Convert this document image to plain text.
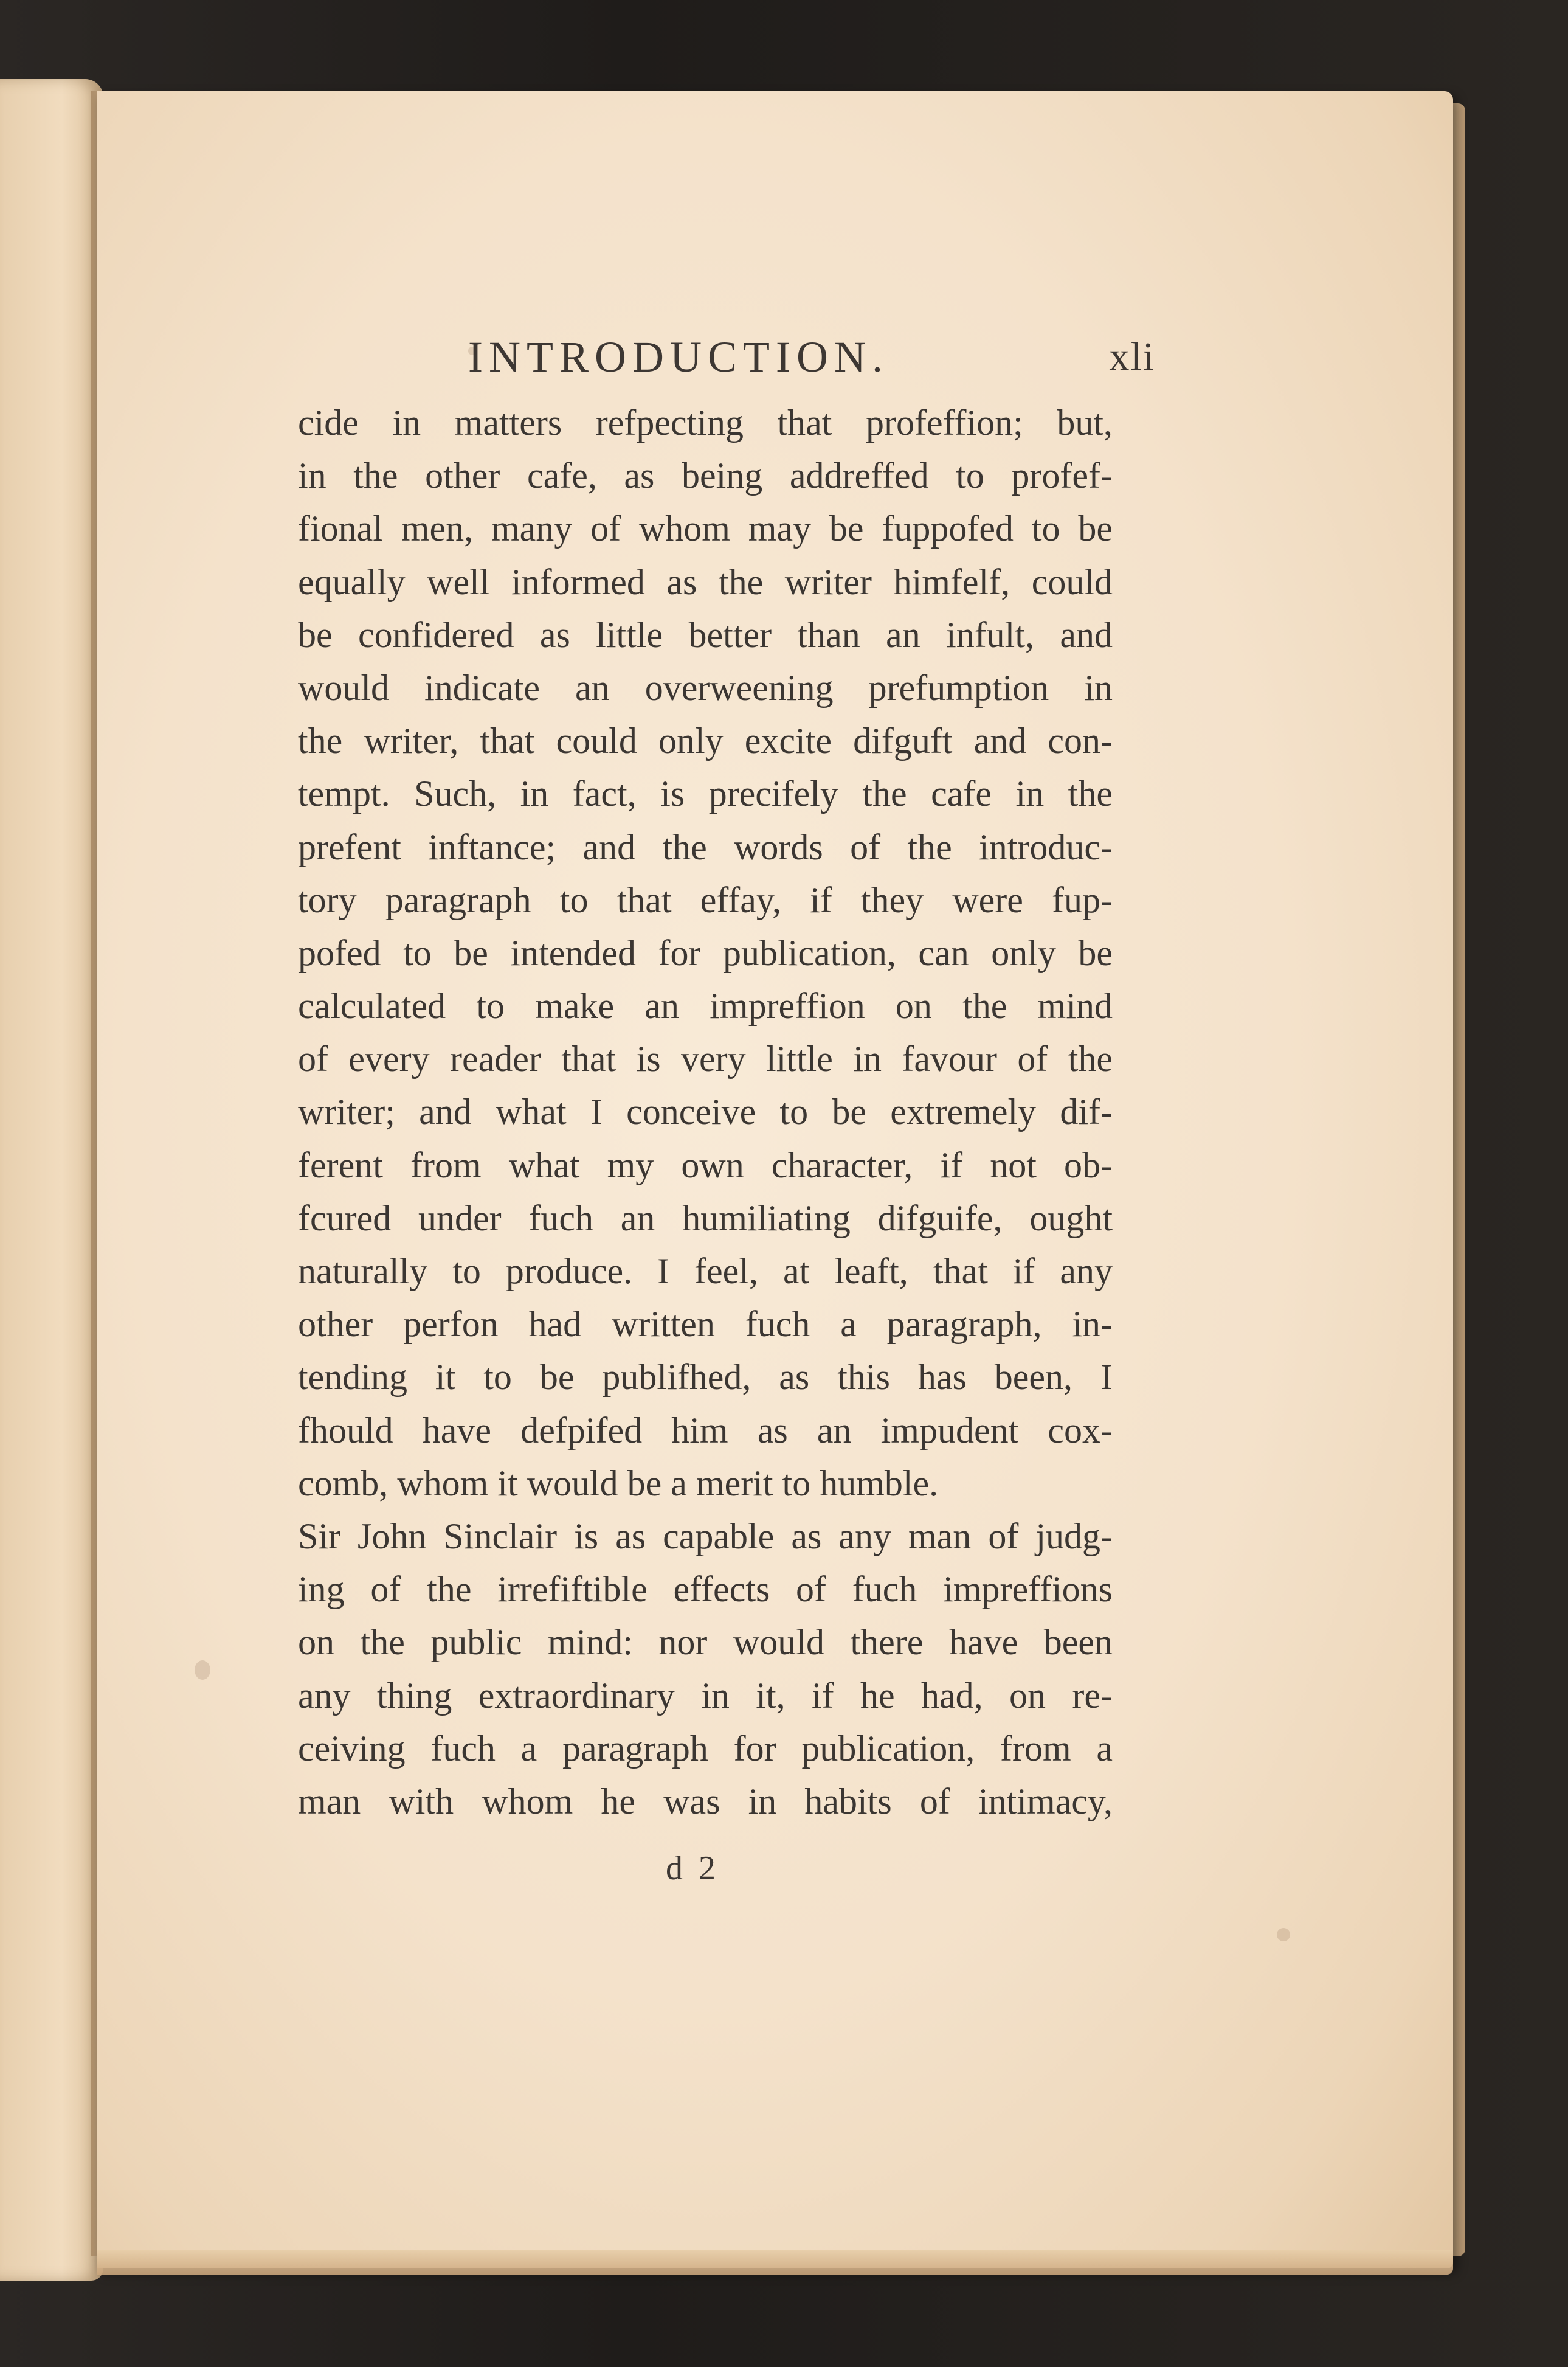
INTRODUCTION.	xli
cide in matters refpecting that profeffion; but,
in the other cafe, as being addreffed to profef-
fional men, many of whom may be fuppofed to be
equally well informed as the writer himfelf, could
be confidered as little better than an infult, and
would indicate an overweening prefumption in
the writer, that could only excite difguft and con-
tempt. Such, in fact, is precifely the cafe in the
prefent inftance; and the words of the introduc-
tory paragraph to that effay, if they were fup-
pofed to be intended for publication, can only be
calculated to make an impreffion on the mind
of every reader that is very little in favour of the
writer; and what I conceive to be extremely dif-
ferent from what my own character, if not ob-
fcured under fuch an humiliating difguife, ought
naturally to produce. I feel, at leaft, that if any
other perfon had written fuch a paragraph, in-
tending it to be publifhed, as this has been, I
fhould have defpifed him as an impudent cox-
comb, whom it would be a merit to humble.
Sir John Sinclair is as capable as any man of judg-
ing of the irrefiftible effects of fuch impreffions
on the public mind: nor would there have been
any thing extraordinary in it, if he had, on re-
ceiving fuch a paragraph for publication, from a
man with whom he was in habits of intimacy,
d 2
